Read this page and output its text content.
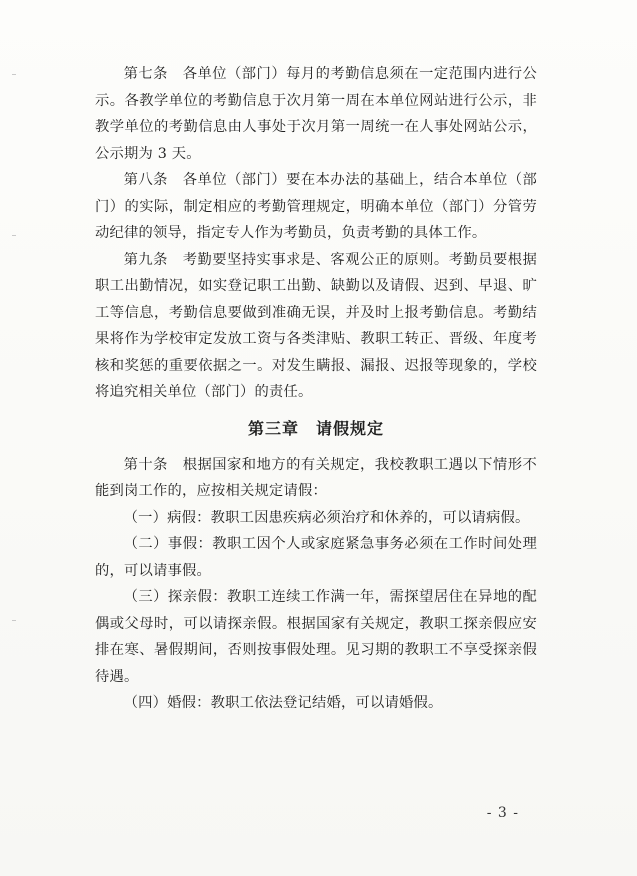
第七条　各单位（部门）每月的考勤信息须在一定范围内进行公示。各教学单位的考勤信息于次月第一周在本单位网站进行公示，非教学单位的考勤信息由人事处于次月第一周统一在人事处网站公示，公示期为 3 天。

第八条　各单位（部门）要在本办法的基础上，结合本单位（部门）的实际，制定相应的考勤管理规定，明确本单位（部门）分管劳动纪律的领导，指定专人作为考勤员，负责考勤的具体工作。

第九条　考勤要坚持实事求是、客观公正的原则。考勤员要根据职工出勤情况，如实登记职工出勤、缺勤以及请假、迟到、早退、旷工等信息，考勤信息要做到准确无误，并及时上报考勤信息。考勤结果将作为学校审定发放工资与各类津贴、教职工转正、晋级、年度考核和奖惩的重要依据之一。对发生瞒报、漏报、迟报等现象的，学校将追究相关单位（部门）的责任。

第三章　请假规定

第十条　根据国家和地方的有关规定，我校教职工遇以下情形不能到岗工作的，应按相关规定请假：

（一）病假：教职工因患疾病必须治疗和休养的，可以请病假。

（二）事假：教职工因个人或家庭紧急事务必须在工作时间处理的，可以请事假。

（三）探亲假：教职工连续工作满一年，需探望居住在异地的配偶或父母时，可以请探亲假。根据国家有关规定，教职工探亲假应安排在寒、暑假期间，否则按事假处理。见习期的教职工不享受探亲假待遇。

（四）婚假：教职工依法登记结婚，可以请婚假。

- 3 -
